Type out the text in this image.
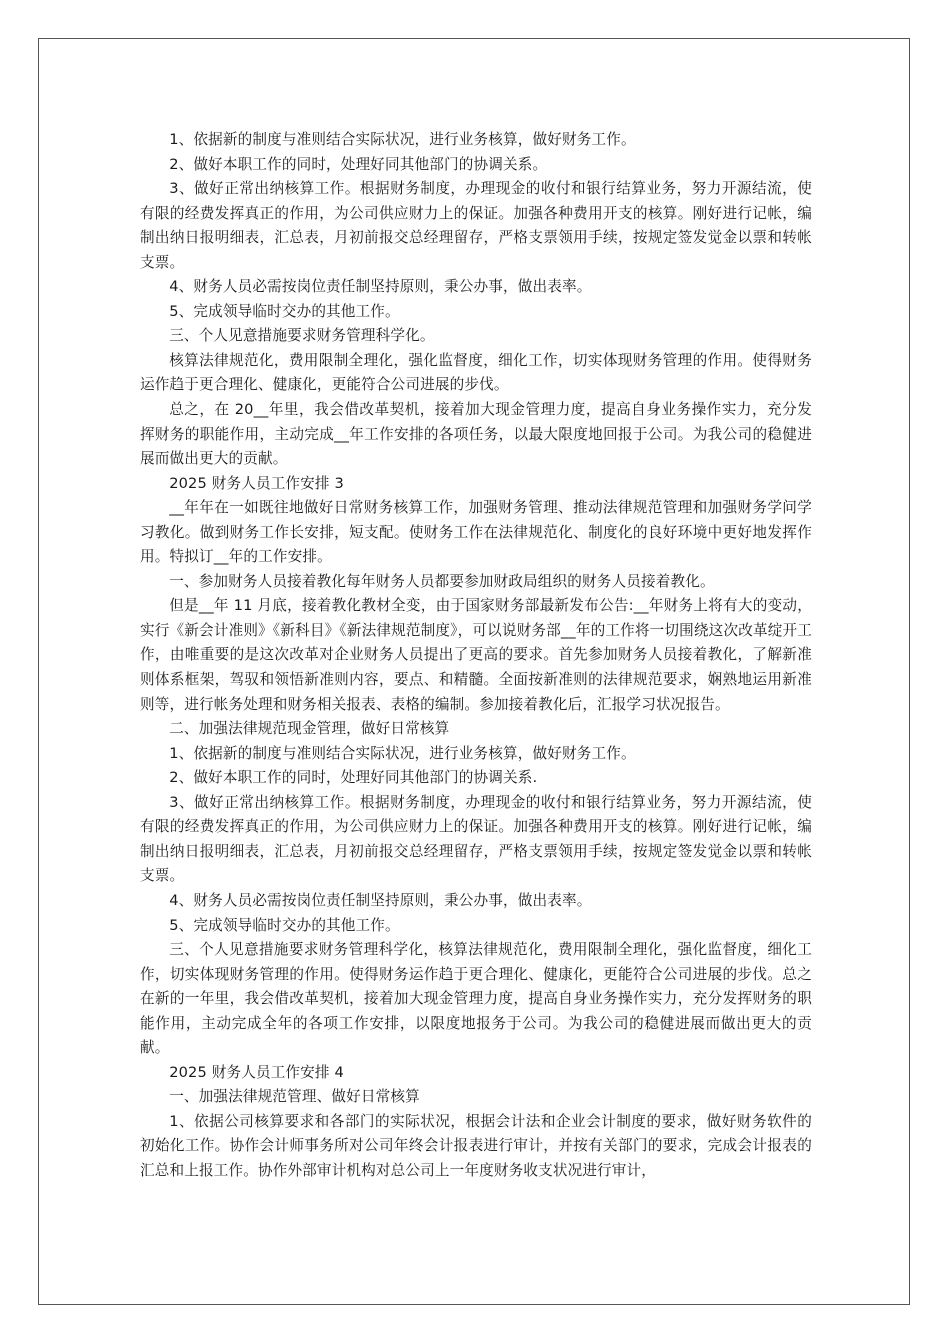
1、依据新的制度与准则结合实际状况，进行业务核算，做好财务工作。

2、做好本职工作的同时，处理好同其他部门的协调关系。

3、做好正常出纳核算工作。根据财务制度，办理现金的收付和银行结算业务，努力开源结流，使有限的经费发挥真正的作用，为公司供应财力上的保证。加强各种费用开支的核算。刚好进行记帐，编制出纳日报明细表，汇总表，月初前报交总经理留存，严格支票领用手续，按规定签发觉金以票和转帐支票。

4、财务人员必需按岗位责任制坚持原则，秉公办事，做出表率。

5、完成领导临时交办的其他工作。

三、个人见意措施要求财务管理科学化。

核算法律规范化，费用限制全理化，强化监督度，细化工作，切实体现财务管理的作用。使得财务运作趋于更合理化、健康化，更能符合公司进展的步伐。

总之，在 20__年里，我会借改革契机，接着加大现金管理力度，提高自身业务操作实力，充分发挥财务的职能作用，主动完成__年工作安排的各项任务，以最大限度地回报于公司。为我公司的稳健进展而做出更大的贡献。

2025 财务人员工作安排 3

__年年在一如既往地做好日常财务核算工作，加强财务管理、推动法律规范管理和加强财务学问学习教化。做到财务工作长安排，短支配。使财务工作在法律规范化、制度化的良好环境中更好地发挥作用。特拟订__年的工作安排。

一、参加财务人员接着教化每年财务人员都要参加财政局组织的财务人员接着教化。

但是__年 11 月底，接着教化教材全变，由于国家财务部最新发布公告:__年财务上将有大的变动，实行《新会计准则》《新科目》《新法律规范制度》，可以说财务部__年的工作将一切围绕这次改革绽开工作，由唯重要的是这次改革对企业财务人员提出了更高的要求。首先参加财务人员接着教化，了解新准则体系框架，驾驭和领悟新准则内容，要点、和精髓。全面按新准则的法律规范要求，娴熟地运用新准则等，进行帐务处理和财务相关报表、表格的编制。参加接着教化后，汇报学习状况报告。

二、加强法律规范现金管理，做好日常核算

1、依据新的制度与准则结合实际状况，进行业务核算，做好财务工作。

2、做好本职工作的同时，处理好同其他部门的协调关系.

3、做好正常出纳核算工作。根据财务制度，办理现金的收付和银行结算业务，努力开源结流，使有限的经费发挥真正的作用，为公司供应财力上的保证。加强各种费用开支的核算。刚好进行记帐，编制出纳日报明细表，汇总表，月初前报交总经理留存，严格支票领用手续，按规定签发觉金以票和转帐支票。

4、财务人员必需按岗位责任制坚持原则，秉公办事，做出表率。

5、完成领导临时交办的其他工作。

三、个人见意措施要求财务管理科学化，核算法律规范化，费用限制全理化，强化监督度，细化工作，切实体现财务管理的作用。使得财务运作趋于更合理化、健康化，更能符合公司进展的步伐。总之在新的一年里，我会借改革契机，接着加大现金管理力度，提高自身业务操作实力，充分发挥财务的职能作用，主动完成全年的各项工作安排，以限度地报务于公司。为我公司的稳健进展而做出更大的贡献。

2025 财务人员工作安排 4

一、加强法律规范管理、做好日常核算

1、依据公司核算要求和各部门的实际状况，根据会计法和企业会计制度的要求，做好财务软件的初始化工作。协作会计师事务所对公司年终会计报表进行审计，并按有关部门的要求，完成会计报表的汇总和上报工作。协作外部审计机构对总公司上一年度财务收支状况进行审计，
